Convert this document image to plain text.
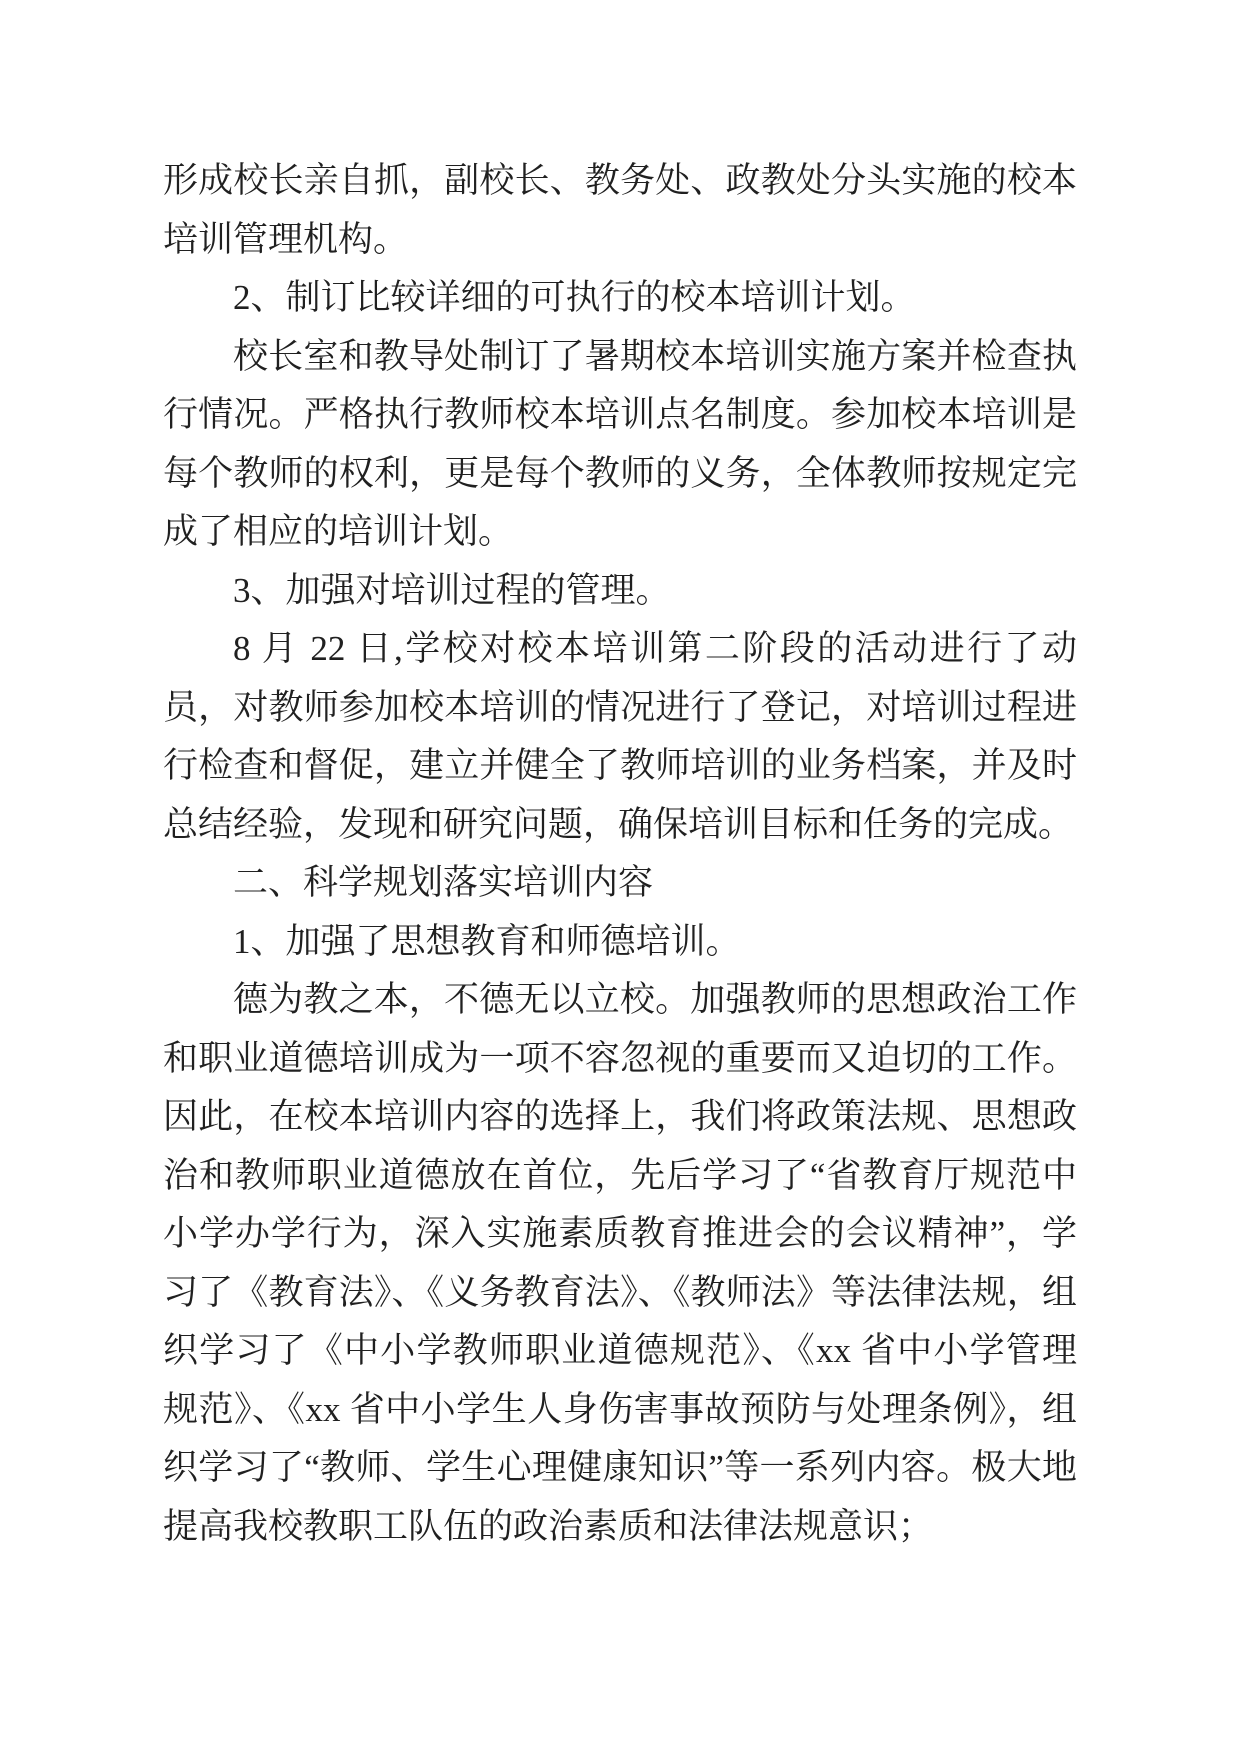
形成校长亲自抓，副校长、教务处、政教处分头实施的校本培训管理机构。

2、制订比较详细的可执行的校本培训计划。

校长室和教导处制订了暑期校本培训实施方案并检查执行情况。严格执行教师校本培训点名制度。参加校本培训是每个教师的权利，更是每个教师的义务，全体教师按规定完成了相应的培训计划。

3、加强对培训过程的管理。

8 月 22 日,学校对校本培训第二阶段的活动进行了动员，对教师参加校本培训的情况进行了登记，对培训过程进行检查和督促，建立并健全了教师培训的业务档案，并及时总结经验，发现和研究问题，确保培训目标和任务的完成。

二、科学规划落实培训内容

1、加强了思想教育和师德培训。

德为教之本，不德无以立校。加强教师的思想政治工作和职业道德培训成为一项不容忽视的重要而又迫切的工作。因此，在校本培训内容的选择上，我们将政策法规、思想政治和教师职业道德放在首位，先后学习了“省教育厅规范中小学办学行为，深入实施素质教育推进会的会议精神”，学习了《教育法》、《义务教育法》、《教师法》等法律法规，组织学习了《中小学教师职业道德规范》、《xx 省中小学管理规范》、《xx 省中小学生人身伤害事故预防与处理条例》，组织学习了“教师、学生心理健康知识”等一系列内容。极大地提高我校教职工队伍的政治素质和法律法规意识；
